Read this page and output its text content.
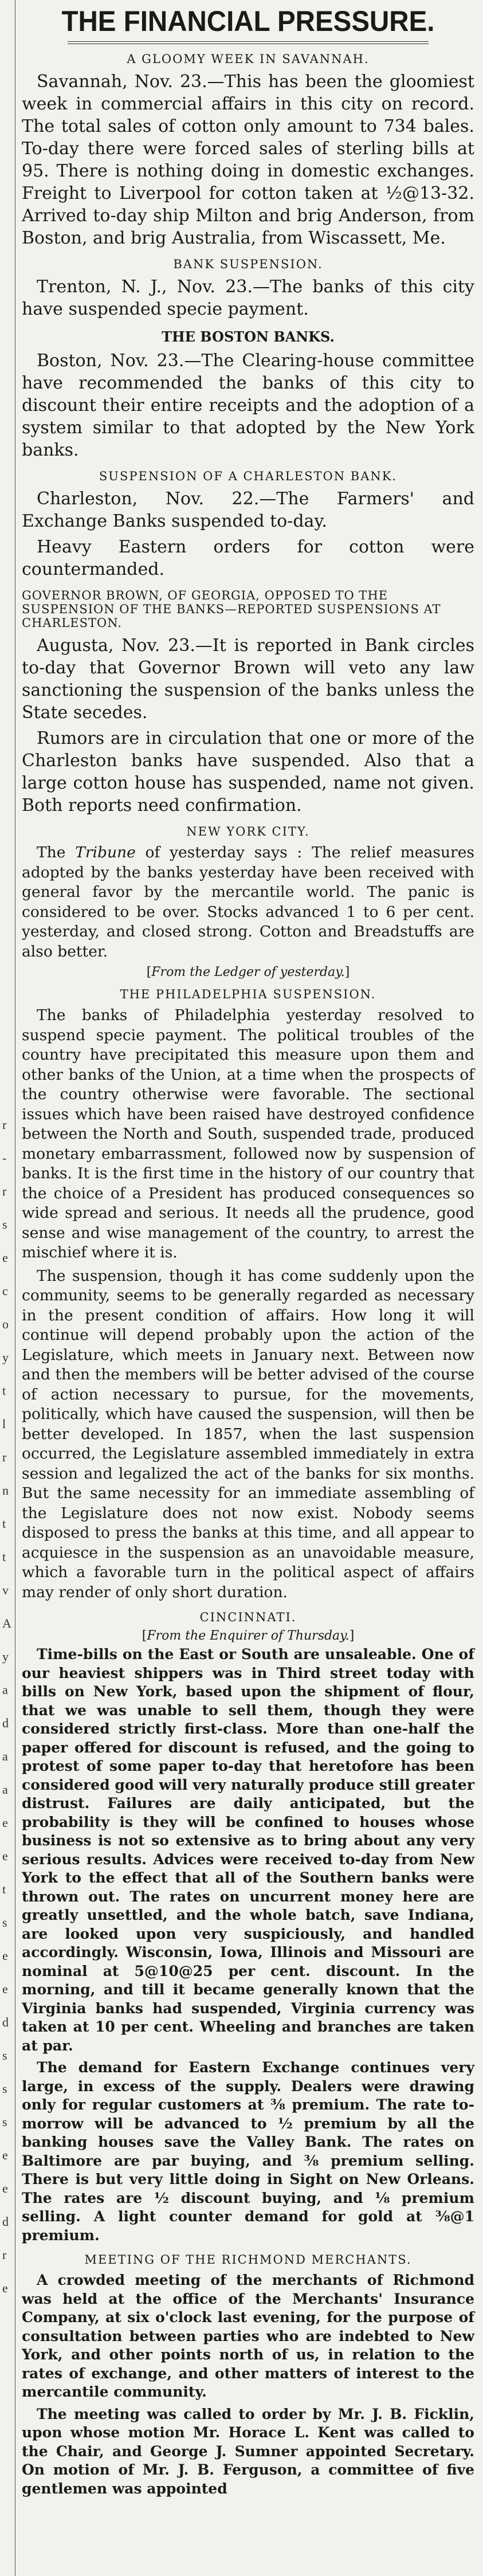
r
-
r
s
e
c
o
y
t
l
r
n
t
t
v
A
y
a
d
a
a
e
e
t
s
e
e
d
s
s
s
e
e
d
r
e
THE FINANCIAL PRESSURE.
A GLOOMY WEEK IN SAVANNAH.

Savannah, Nov. 23.—This has been the gloomiest week in commercial affairs in this city on record. The total sales of cotton only amount to 734 bales. To-day there were forced sales of sterling bills at 95. There is nothing doing in domestic exchanges. Freight to Liverpool for cotton taken at ½@13-32. Arrived to-day ship Milton and brig Anderson, from Boston, and brig Australia, from Wiscassett, Me.

BANK SUSPENSION.

Trenton, N. J., Nov. 23.—The banks of this city have suspended specie payment.

THE BOSTON BANKS.

Boston, Nov. 23.—The Clearing-house committee have recommended the banks of this city to discount their entire receipts and the adoption of a system similar to that adopted by the New York banks.

SUSPENSION OF A CHARLESTON BANK.

Charleston, Nov. 22.—The Farmers' and Exchange Banks suspended to-day.

Heavy Eastern orders for cotton were countermanded.

GOVERNOR BROWN, OF GEORGIA, OPPOSED TO THE SUSPENSION OF THE BANKS—REPORTED SUSPENSIONS AT CHARLESTON.

Augusta, Nov. 23.—It is reported in Bank circles to-day that Governor Brown will veto any law sanctioning the suspension of the banks unless the State secedes.

Rumors are in circulation that one or more of the Charleston banks have suspended. Also that a large cotton house has suspended, name not given. Both reports need confirmation.

NEW YORK CITY.

The Tribune of yesterday says : The relief measures adopted by the banks yesterday have been received with general favor by the mercantile world. The panic is considered to be over. Stocks advanced 1 to 6 per cent. yesterday, and closed strong. Cotton and Breadstuffs are also better.

[ From the Ledger of yesterday. ]
THE PHILADELPHIA SUSPENSION.

The banks of Philadelphia yesterday resolved to suspend specie payment. The political troubles of the country have precipitated this measure upon them and other banks of the Union, at a time when the prospects of the country otherwise were favorable. The sectional issues which have been raised have destroyed confidence between the North and South, suspended trade, produced monetary embarrassment, followed now by suspension of banks. It is the first time in the history of our country that the choice of a President has produced consequences so wide spread and serious. It needs all the prudence, good sense and wise management of the country, to arrest the mischief where it is.

The suspension, though it has come suddenly upon the community, seems to be generally regarded as necessary in the present condition of affairs. How long it will continue will depend probably upon the action of the Legislature, which meets in January next. Between now and then the members will be better advised of the course of action necessary to pursue, for the movements, politically, which have caused the suspension, will then be better developed. In 1857, when the last suspension occurred, the Legislature assembled immediately in extra session and legalized the act of the banks for six months. But the same necessity for an immediate assembling of the Legislature does not now exist. Nobody seems disposed to press the banks at this time, and all appear to acquiesce in the suspension as an unavoidable measure, which a favorable turn in the political aspect of affairs may render of only short duration.

CINCINNATI.
[ From the Enquirer of Thursday. ]

Time-bills on the East or South are unsaleable. One of our heaviest shippers was in Third street today with bills on New York, based upon the shipment of flour, that we was unable to sell them, though they were considered strictly first-class. More than one-half the paper offered for discount is refused, and the going to protest of some paper to-day that heretofore has been considered good will very naturally produce still greater distrust. Failures are daily anticipated, but the probability is they will be confined to houses whose business is not so extensive as to bring about any very serious results. Advices were received to-day from New York to the effect that all of the Southern banks were thrown out. The rates on uncurrent money here are greatly unsettled, and the whole batch, save Indiana, are looked upon very suspiciously, and handled accordingly. Wisconsin, Iowa, Illinois and Missouri are nominal at 5@10@25 per cent. discount. In the morning, and till it became generally known that the Virginia banks had suspended, Virginia currency was taken at 10 per cent. Wheeling and branches are taken at par.

The demand for Eastern Exchange continues very large, in excess of the supply. Dealers were drawing only for regular customers at ⅜ premium. The rate to-morrow will be advanced to ½ premium by all the banking houses save the Valley Bank. The rates on Baltimore are par buying, and ⅜ premium selling. There is but very little doing in Sight on New Orleans. The rates are ½ discount buying, and ⅛ premium selling. A light counter demand for gold at ⅜@1 premium.

MEETING OF THE RICHMOND MERCHANTS.

A crowded meeting of the merchants of Richmond was held at the office of the Merchants' Insurance Company, at six o'clock last evening, for the purpose of consultation between parties who are indebted to New York, and other points north of us, in relation to the rates of exchange, and other matters of interest to the mercantile community.

The meeting was called to order by Mr. J. B. Ficklin, upon whose motion Mr. Horace L. Kent was called to the Chair, and George J. Sumner appointed Secretary. On motion of Mr. J. B. Ferguson, a committee of five gentlemen was appointed
